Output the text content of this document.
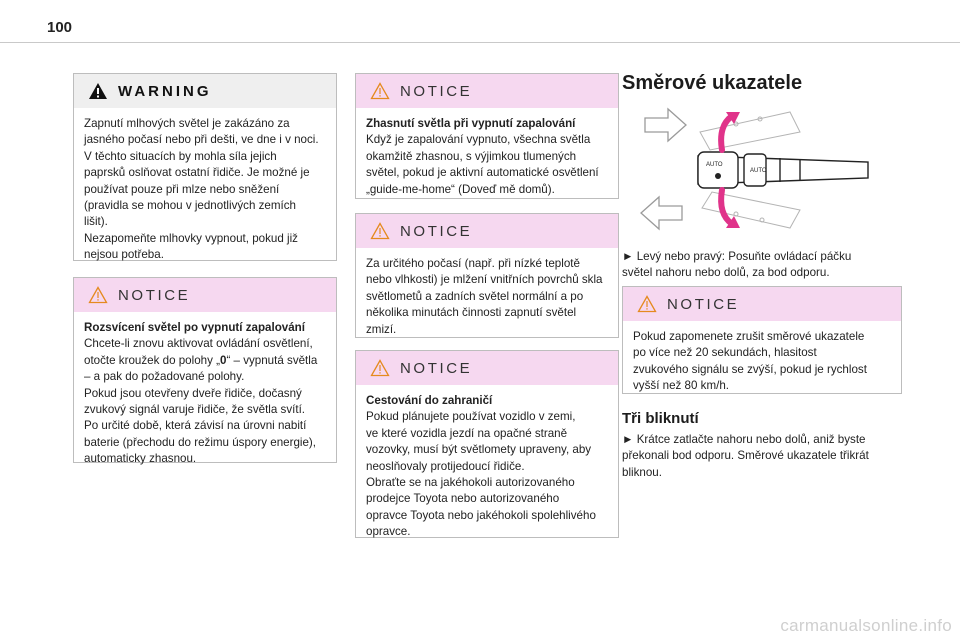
100
WARNING

Zapnutí mlhových světel je zakázáno za

jasného počasí nebo při dešti, ve dne i v noci.

V těchto situacích by mohla síla jejich

paprsků oslňovat ostatní řidiče. Je možné je

používat pouze při mlze nebo sněžení

(pravidla se mohou v jednotlivých zemích

lišit).

Nezapomeňte mlhovky vypnout, pokud již

nejsou potřeba.

NOTICE

Rozsvícení světel po vypnutí zapalování

Chcete-li znovu aktivovat ovládání osvětlení,

otočte kroužek do polohy „0“ – vypnutá světla

– a pak do požadované polohy.

Pokud jsou otevřeny dveře řidiče, dočasný

zvukový signál varuje řidiče, že světla svítí.

Po určité době, která závisí na úrovni nabití

baterie (přechodu do režimu úspory energie),

automaticky zhasnou.

NOTICE

Zhasnutí světla při vypnutí zapalování

Když je zapalování vypnuto, všechna světla

okamžitě zhasnou, s výjimkou tlumených

světel, pokud je aktivní automatické osvětlení

„guide-me-home“ (Doveď mě domů).

NOTICE

Za určitého počasí (např. při nízké teplotě

nebo vlhkosti) je mlžení vnitřních povrchů skla

světlometů a zadních světel normální a po

několika minutách činnosti zapnutí světel

zmizí.

NOTICE

Cestování do zahraničí

Pokud plánujete používat vozidlo v zemi,

ve které vozidla jezdí na opačné straně

vozovky, musí být světlomety upraveny, aby

neoslňovaly protijedoucí řidiče.

Obraťte se na jakéhokoli autorizovaného

prodejce Toyota nebo autorizovaného

opravce Toyota nebo jakéhokoli spolehlivého

opravce.

Směrové ukazatele
AUTO
AUTO
► Levý nebo pravý: Posuňte ovládací páčku
světel nahoru nebo dolů, za bod odporu.
NOTICE

Pokud zapomenete zrušit směrové ukazatele

po více než 20 sekundách, hlasitost

zvukového signálu se zvýší, pokud je rychlost

vyšší než 80 km/h.

Tři bliknutí
► Krátce zatlačte nahoru nebo dolů, aniž byste
překonali bod odporu. Směrové ukazatele třikrát
bliknou.
carmanualsonline.info
